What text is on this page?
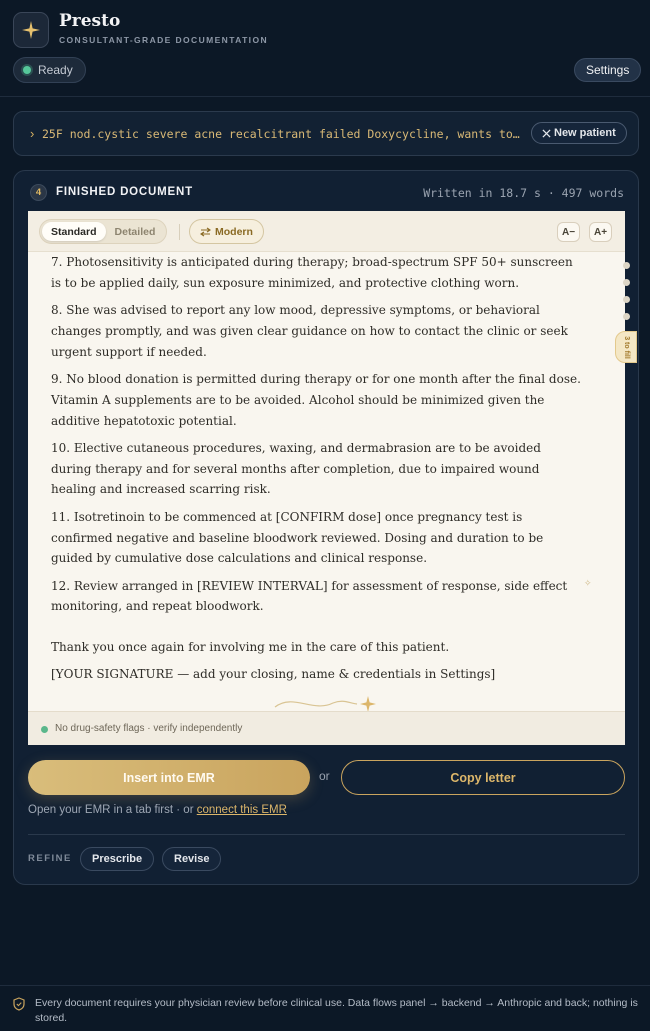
Presto
CONSULTANT-GRADE DOCUMENTATION
Ready	Settings
› 25F nod.cystic severe acne recalcitrant failed Doxycycline, wants to…	New patient
4	FINISHED DOCUMENT	Written in 18.7 s · 497 words
Standard	Detailed	Modern	A−	A+

7. Photosensitivity is anticipated during therapy; broad-spectrum SPF 50+ sunscreen is to be applied daily, sun exposure minimized, and protective clothing worn.

8. She was advised to report any low mood, depressive symptoms, or behavioral changes promptly, and was given clear guidance on how to contact the clinic or seek urgent support if needed.

9. No blood donation is permitted during therapy or for one month after the final dose. Vitamin A supplements are to be avoided. Alcohol should be minimized given the additive hepatotoxic potential.

10. Elective cutaneous procedures, waxing, and dermabrasion are to be avoided during therapy and for several months after completion, due to impaired wound healing and increased scarring risk.

11. Isotretinoin to be commenced at [CONFIRM dose] once pregnancy test is confirmed negative and baseline bloodwork reviewed. Dosing and duration to be guided by cumulative dose calculations and clinical response.

12. Review arranged in [REVIEW INTERVAL] for assessment of response, side effect monitoring, and repeat bloodwork.

Thank you once again for involving me in the care of this patient.

[YOUR SIGNATURE — add your closing, name & credentials in Settings]

3 to fill
✧
No drug-safety flags · verify independently
Insert into EMR	or	Copy letter
Open your EMR in a tab first · or connect this EMR
REFINE	Prescribe	Revise
Every document requires your physician review before clinical use. Data flows panel → backend → Anthropic and back; nothing is stored.
